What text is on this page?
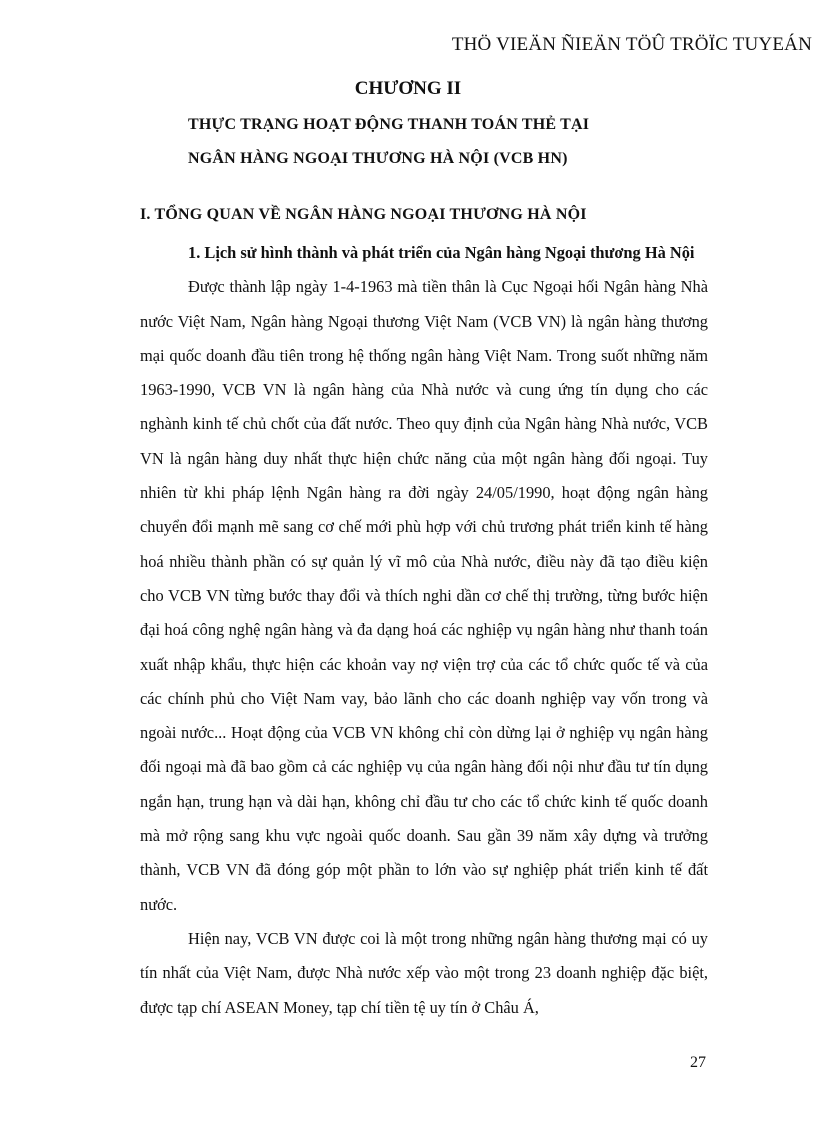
THÖ VIEÄN ÑIEÄN TÖÛ TRÖÏC TUYEÁN
CHƯƠNG II
THỰC TRẠNG HOẠT ĐỘNG THANH TOÁN THẺ TẠI
NGÂN HÀNG NGOẠI THƯƠNG HÀ NỘI (VCB HN)
I. TỔNG QUAN VỀ NGÂN HÀNG NGOẠI THƯƠNG HÀ NỘI

1. Lịch sử hình thành và phát triển của Ngân hàng Ngoại thương Hà Nội

Được thành lập ngày 1-4-1963 mà tiền thân là Cục Ngoại hối Ngân hàng Nhà nước Việt Nam, Ngân hàng Ngoại thương Việt Nam (VCB VN) là ngân hàng thương mại quốc doanh đầu tiên trong hệ thống ngân hàng Việt Nam. Trong suốt những năm 1963-1990, VCB VN là ngân hàng của Nhà nước và cung ứng tín dụng cho các nghành kinh tế chủ chốt của đất nước. Theo quy định của Ngân hàng Nhà nước, VCB VN là ngân hàng duy nhất thực hiện chức năng của một ngân hàng đối ngoại. Tuy nhiên từ khi pháp lệnh Ngân hàng ra đời ngày 24/05/1990, hoạt động ngân hàng chuyển đổi mạnh mẽ sang cơ chế mới phù hợp với chủ trương phát triển kinh tế hàng hoá nhiều thành phần có sự quản lý vĩ mô của Nhà nước, điều này đã tạo điều kiện cho VCB VN từng bước thay đổi và thích nghi dần cơ chế thị trường, từng bước hiện đại hoá công nghệ ngân hàng và đa dạng hoá các nghiệp vụ ngân hàng như thanh toán xuất nhập khẩu, thực hiện các khoản vay nợ viện trợ của các tổ chức quốc tế và của các chính phủ cho Việt Nam vay, bảo lãnh cho các doanh nghiệp vay vốn trong và ngoài nước... Hoạt động của VCB VN không chỉ còn dừng lại ở nghiệp vụ ngân hàng đối ngoại mà đã bao gồm cả các nghiệp vụ của ngân hàng đối nội như đầu tư tín dụng ngắn hạn, trung hạn và dài hạn, không chỉ đầu tư cho các tổ chức kinh tế quốc doanh mà mở rộng sang khu vực ngoài quốc doanh. Sau gần 39 năm xây dựng và trưởng thành, VCB VN đã đóng góp một phần to lớn vào sự nghiệp phát triển kinh tế đất nước.

Hiện nay, VCB VN được coi là một trong những ngân hàng thương mại có uy tín nhất của Việt Nam, được Nhà nước xếp vào một trong 23 doanh nghiệp đặc biệt, được tạp chí ASEAN Money, tạp chí tiền tệ uy tín ở Châu Á,

27
